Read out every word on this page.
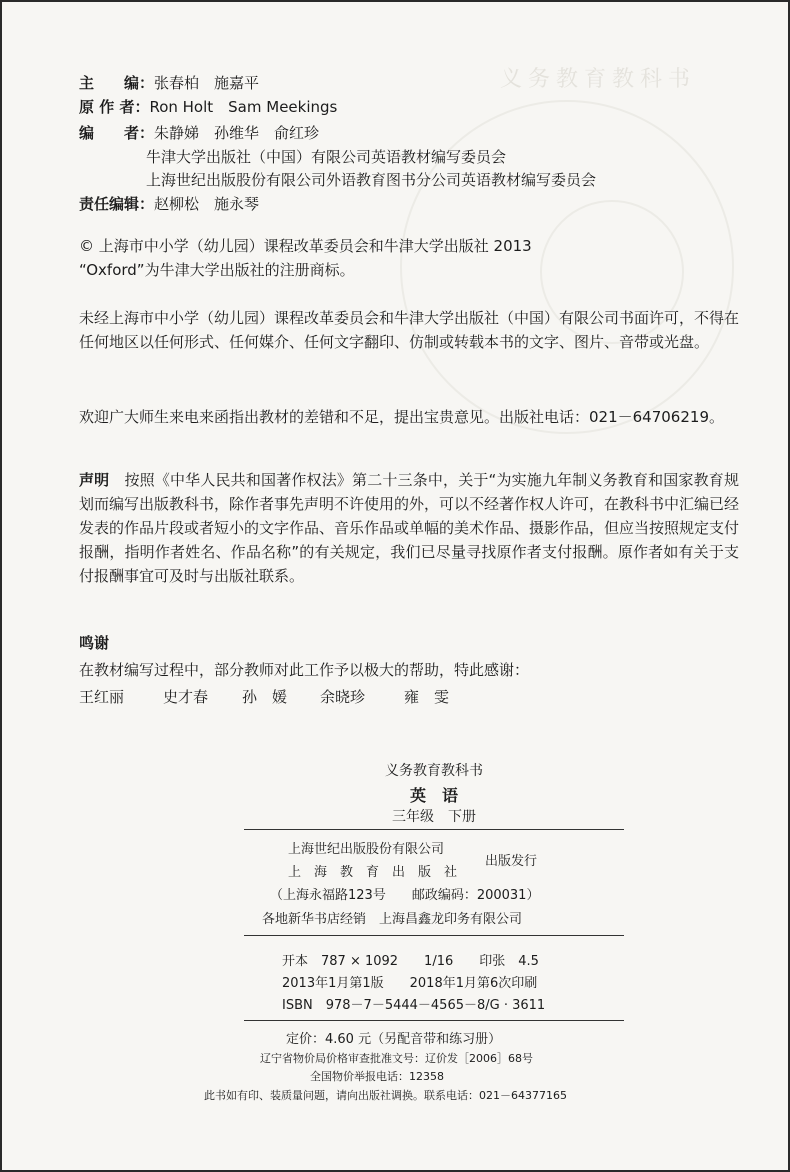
义务教育教科书
主　　编：张春柏　施嘉平
原 作 者：Ron Holt　Sam Meekings
编　　者：朱静娣　孙维华　俞红珍
牛津大学出版社（中国）有限公司英语教材编写委员会
上海世纪出版股份有限公司外语教育图书分公司英语教材编写委员会
责任编辑：赵柳松　施永琴
© 上海市中小学（幼儿园）课程改革委员会和牛津大学出版社 2013
“Oxford”为牛津大学出版社的注册商标。

未经上海市中小学（幼儿园）课程改革委员会和牛津大学出版社（中国）有限公司书面许可，不得在任何地区以任何形式、任何媒介、任何文字翻印、仿制或转载本书的文字、图片、音带或光盘。

欢迎广大师生来电来函指出教材的差错和不足，提出宝贵意见。出版社电话：021－64706219。

声明　 按照《中华人民共和国著作权法》第二十三条中，关于“为实施九年制义务教育和国家教育规划而编写出版教科书，除作者事先声明不许使用的外，可以不经著作权人许可，在教科书中汇编已经发表的作品片段或者短小的文字作品、音乐作品或单幅的美术作品、摄影作品，但应当按照规定支付报酬，指明作者姓名、作品名称”的有关规定，我们已尽量寻找原作者支付报酬。原作者如有关于支付报酬事宜可及时与出版社联系。

鸣谢
在教材编写过程中，部分教师对此工作予以极大的帮助，特此感谢：
王红丽	史才春 孙　媛 余晓珍	雍　雯
义务教育教科书
英　语
三年级　下册
上海世纪出版股份有限公司
上　海　教　育　出　版　社
出版发行
（上海永福路123号　　邮政编码：200031）
各地新华书店经销　上海昌鑫龙印务有限公司
开本　787 × 1092　　1/16　　印张　4.5
2013年1月第1版　　2018年1月第6次印刷
ISBN　978－7－5444－4565－8/G · 3611
定价：4.60 元（另配音带和练习册）
辽宁省物价局价格审查批准文号：辽价发［2006］68号
全国物价举报电话：12358
此书如有印、装质量问题，请向出版社调换。联系电话：021－64377165
